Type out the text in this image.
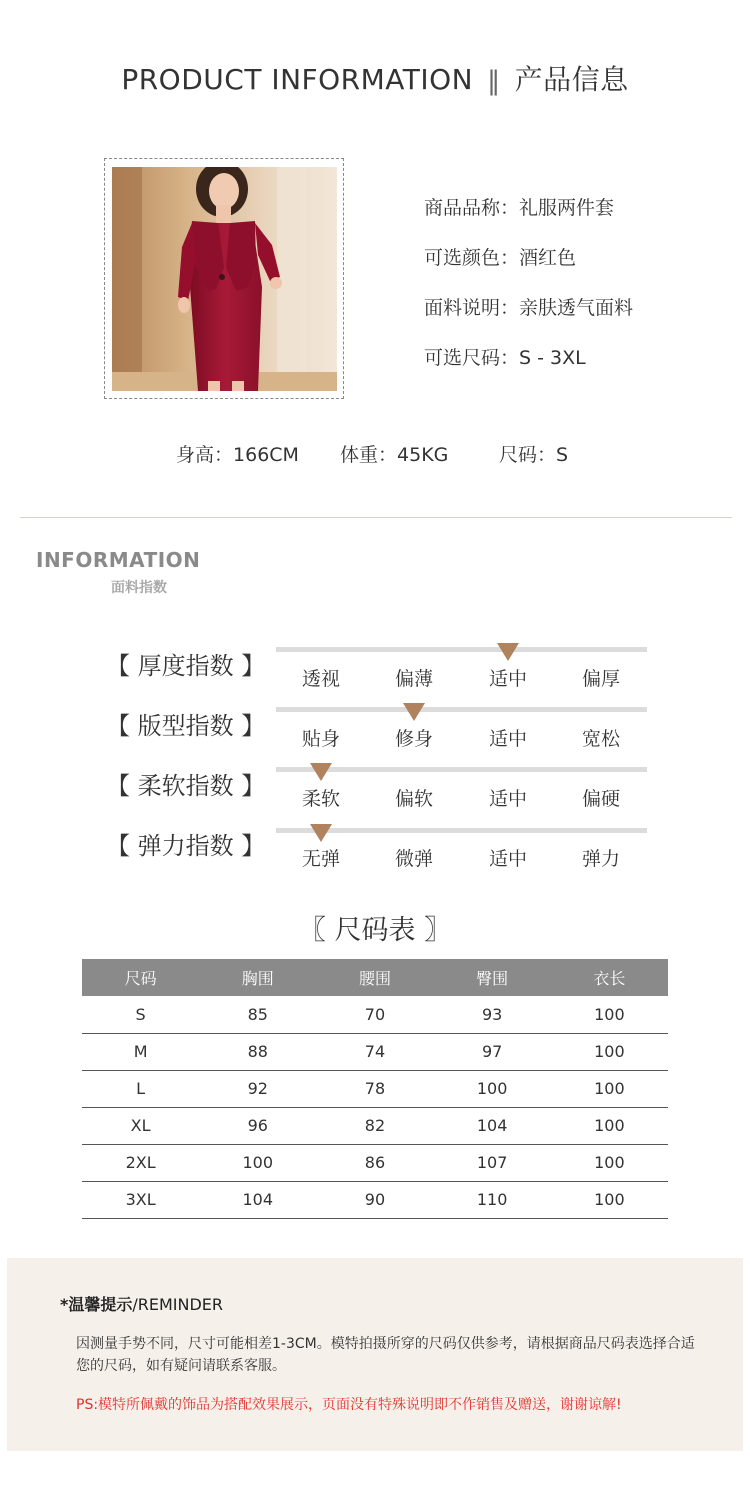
PRODUCT INFORMATION ‖ 产品信息
商品品称：礼服两件套
可选颜色：酒红色
面料说明：亲肤透气面料
可选尺码：S - 3XL
身高：166CM 体重：45KG	尺码：S
INFORMATION
面料指数
【 厚度指数 】	透视	偏薄	适中	偏厚
【 版型指数 】	贴身	修身	适中	宽松
【 柔软指数 】	柔软	偏软	适中	偏硬
【 弹力指数 】	无弹	微弹	适中	弹力
〖 尺码表 〗
尺码	胸围	腰围	臀围	衣长
S	85	70	93	100
M	88	74	97	100
L	92	78	100	100
XL	96	82	104	100
2XL	100	86	107	100
3XL	104	90	110	100
*温馨提示/REMINDER
因测量手势不同，尺寸可能相差1-3CM。模特拍摄所穿的尺码仅供参考，请根据商品尺码表选择合适您的尺码，如有疑问请联系客服。
PS:模特所佩戴的饰品为搭配效果展示，页面没有特殊说明即不作销售及赠送，谢谢谅解!
